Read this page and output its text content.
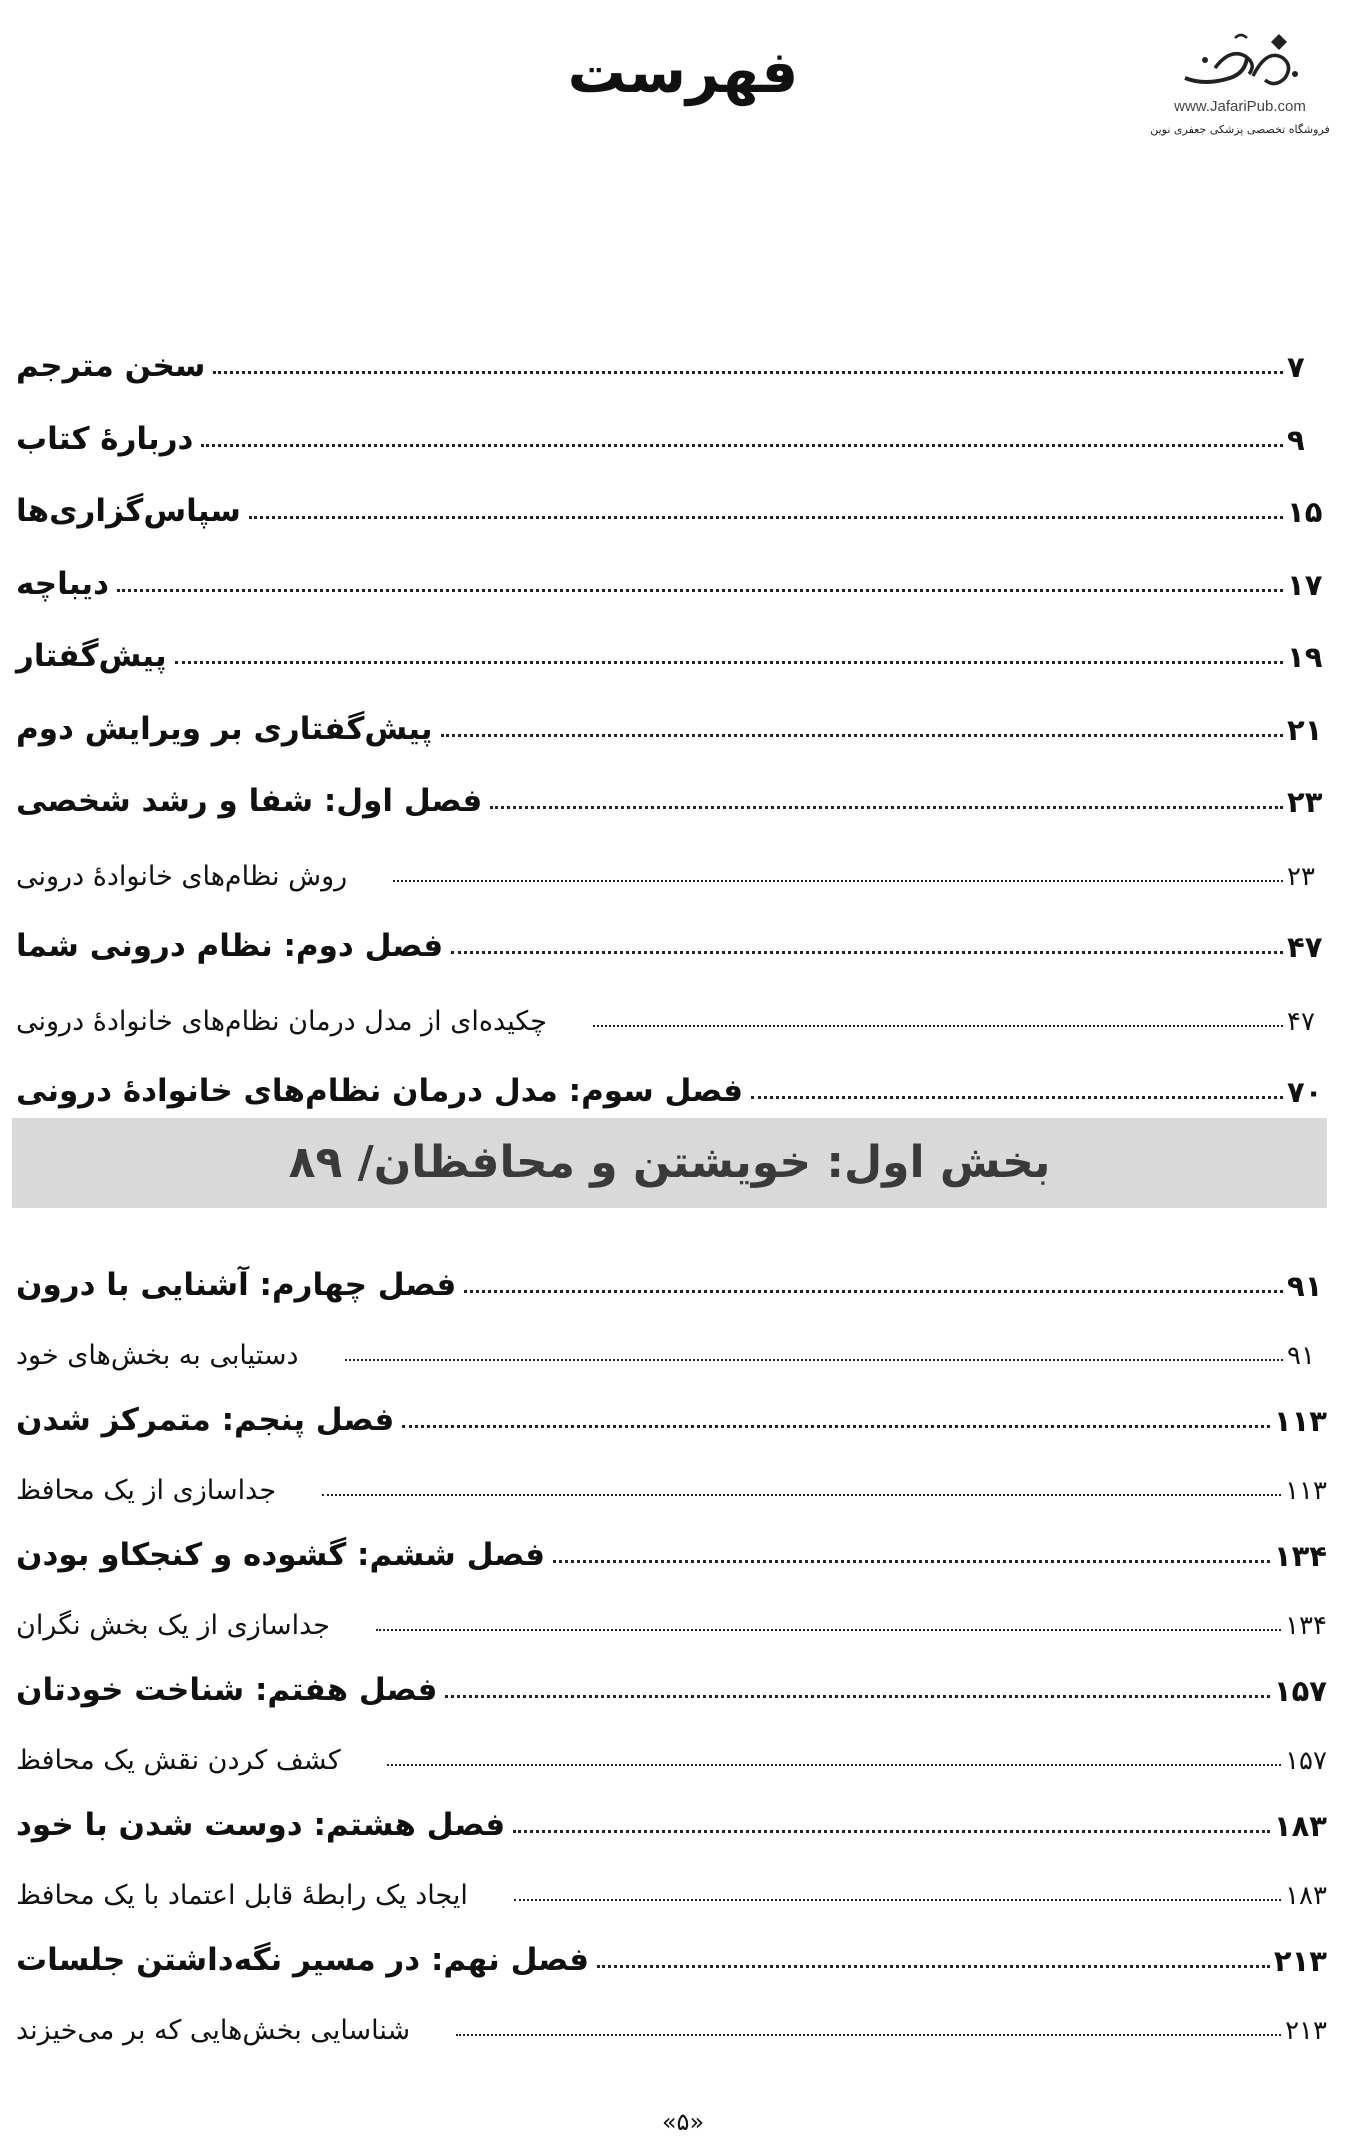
www.JafariPub.com
فروشگاه تخصصی پزشکی جعفری نوین
فهرست
سخن مترجم	۷
دربارهٔ کتاب	۹
سپاس‌گزاری‌ها	۱۵
دیباچه	۱۷
پیش‌گفتار	۱۹
پیش‌گفتاری بر ویرایش دوم	۲۱
فصل اول: شفا و رشد شخصی	۲۳
روش نظام‌های خانوادهٔ درونی	۲۳
فصل دوم: نظام درونی شما	۴۷
چکیده‌ای از مدل درمان نظام‌های خانوادهٔ درونی	۴۷
فصل سوم: مدل درمان نظام‌های خانوادهٔ درونی	۷۰
بخش اول: خویشتن و محافظان/ ۸۹
فصل چهارم: آشنایی با درون	۹۱
دستیابی به بخش‌های خود	۹۱
فصل پنجم: متمرکز شدن	۱۱۳
جداسازی از یک محافظ	۱۱۳
فصل ششم: گشوده و کنجکاو بودن	۱۳۴
جداسازی از یک بخش نگران	۱۳۴
فصل هفتم: شناخت خودتان	۱۵۷
کشف کردن نقش یک محافظ	۱۵۷
فصل هشتم: دوست شدن با خود	۱۸۳
ایجاد یک رابطهٔ قابل اعتماد با یک محافظ	۱۸۳
فصل نهم: در مسیر نگه‌داشتن جلسات	۲۱۳
شناسایی بخش‌هایی که بر می‌خیزند	۲۱۳
«۵»
